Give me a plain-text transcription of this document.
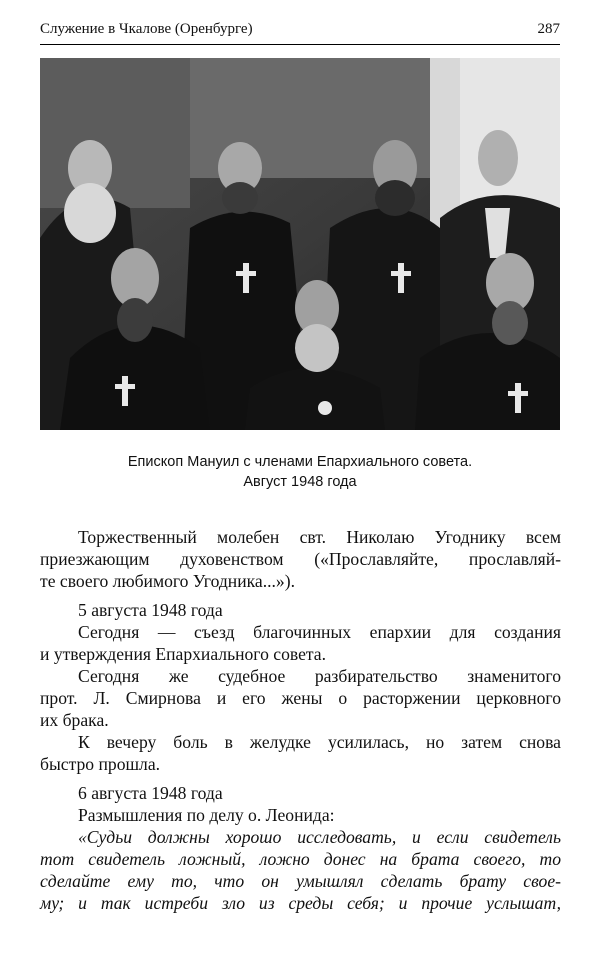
Служение в Чкалове (Оренбурге)	287
Епископ Мануил с членами Епархиального совета.
Август 1948 года
Торжественный молебен свт. Николаю Угоднику всем
приезжающим духовенством («Прославляйте, прославляй-
те своего любимого Угодника...»).
5 августа 1948 года
Сегодня — съезд благочинных епархии для создания
и утверждения Епархиального совета.
Сегодня же судебное разбирательство знаменитого
прот. Л. Смирнова и его жены о расторжении церковного
их брака.
К вечеру боль в желудке усилилась, но затем снова
быстро прошла.
6 августа 1948 года
Размышления по делу о. Леонида:
«Судьи должны хорошо исследовать, и если свидетель
тот свидетель ложный, ложно донес на брата своего, то
сделайте ему то, что он умышлял сделать брату свое-
му; и так истреби зло из среды себя; и прочие услышат,
